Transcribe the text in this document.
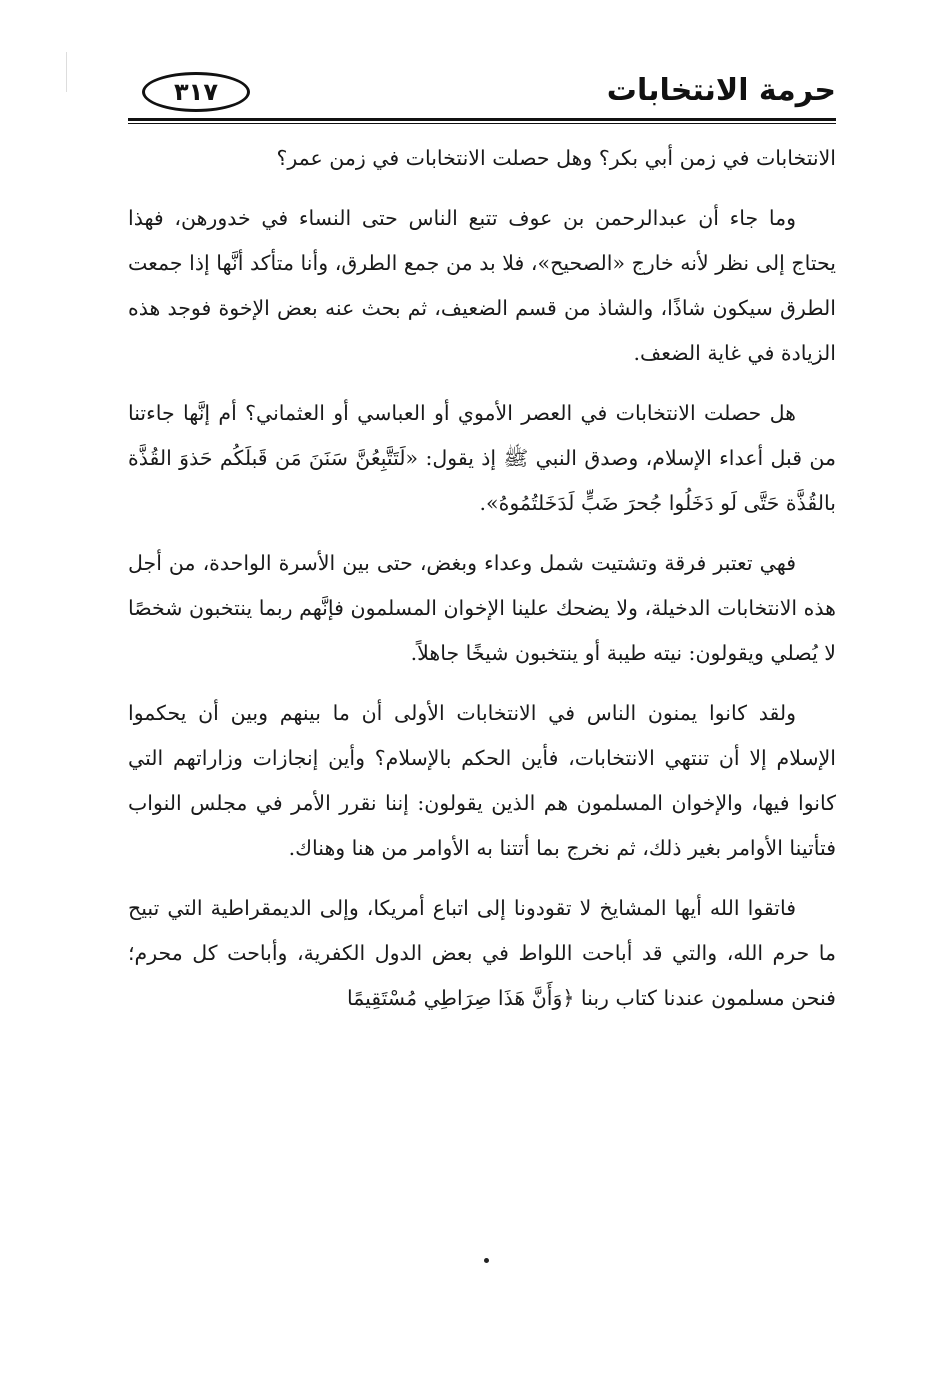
حرمة الانتخابات
٣١٧

الانتخابات في زمن أبي بكر؟ وهل حصلت الانتخابات في زمن عمر؟

وما جاء أن عبدالرحمن بن عوف تتبع الناس حتى النساء في خدورهن، فهذا يحتاج إلى نظر لأنه خارج «الصحيح»، فلا بد من جمع الطرق، وأنا متأكد أنَّها إذا جمعت الطرق سيكون شاذًا، والشاذ من قسم الضعيف، ثم بحث عنه بعض الإخوة فوجد هذه الزيادة في غاية الضعف.

هل حصلت الانتخابات في العصر الأموي أو العباسي أو العثماني؟ أم إنَّها جاءتنا من قبل أعداء الإسلام، وصدق النبي ﷺ إذ يقول: «لَتَتَّبِعُنَّ سَنَنَ مَن قَبلَكُم حَذوَ القُذَّة بالقُذَّة حَتَّى لَو دَخَلُوا جُحرَ ضَبٍّ لَدَخَلتُمُوهُ».

فهي تعتبر فرقة وتشتيت شمل وعداء وبغض، حتى بين الأسرة الواحدة، من أجل هذه الانتخابات الدخيلة، ولا يضحك علينا الإخوان المسلمون فإنَّهم ربما ينتخبون شخصًا لا يُصلي ويقولون: نيته طيبة أو ينتخبون شيخًا جاهلاً.

ولقد كانوا يمنون الناس في الانتخابات الأولى أن ما بينهم وبين أن يحكموا الإسلام إلا أن تنتهي الانتخابات، فأين الحكم بالإسلام؟ وأين إنجازات وزاراتهم التي كانوا فيها، والإخوان المسلمون هم الذين يقولون: إننا نقرر الأمر في مجلس النواب فتأتينا الأوامر بغير ذلك، ثم نخرج بما أتتنا به الأوامر من هنا وهناك.

فاتقوا الله أيها المشايخ لا تقودونا إلى اتباع أمريكا، وإلى الديمقراطية التي تبيح ما حرم الله، والتي قد أباحت اللواط في بعض الدول الكفرية، وأباحت كل محرم؛ فنحن مسلمون عندنا كتاب ربنا ﴿وَأَنَّ هَذَا صِرَاطِي مُسْتَقِيمًا
